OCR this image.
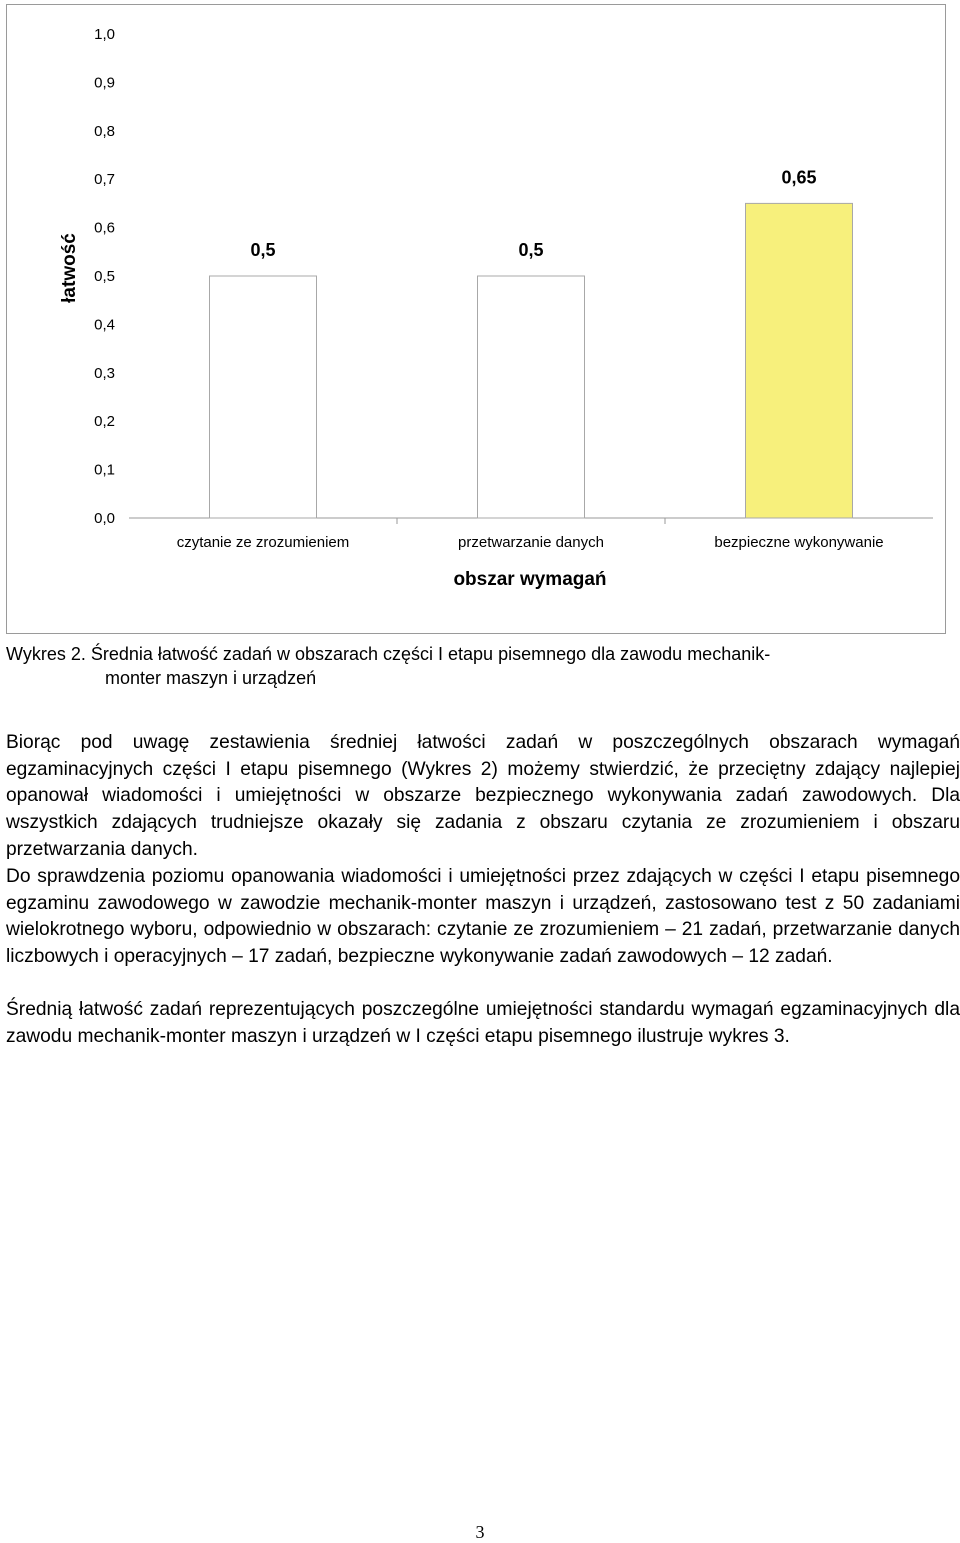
0,0
0,1
0,2
0,3
0,4
0,5
0,6
0,7
0,8
0,9
1,0
czytanie ze zrozumieniem
0,5
przetwarzanie danych
0,5
bezpieczne wykonywanie
0,65
łatwość
obszar wymagań
Wykres 2. Średnia łatwość zadań w obszarach części I etapu pisemnego dla zawodu mechanik-
monter maszyn i urządzeń

Biorąc pod uwagę zestawienia średniej łatwości zadań w poszczególnych obszarach wymagań egzaminacyjnych części I etapu pisemnego (Wykres 2) możemy stwierdzić, że przeciętny zdający najlepiej opanował wiadomości i umiejętności w obszarze bezpiecznego wykonywania zadań zawodowych. Dla wszystkich zdających trudniejsze okazały się zadania z obszaru czytania ze zrozumieniem i obszaru przetwarzania danych.

Do sprawdzenia poziomu opanowania wiadomości i umiejętności przez zdających w części I etapu pisemnego egzaminu zawodowego w zawodzie mechanik-monter maszyn i urządzeń, zastosowano test z 50 zadaniami wielokrotnego wyboru, odpowiednio w obszarach: czytanie ze zrozumieniem – 21 zadań, przetwarzanie danych liczbowych i operacyjnych – 17 zadań, bezpieczne wykonywanie zadań zawodowych – 12 zadań.

Średnią łatwość zadań reprezentujących poszczególne umiejętności standardu wymagań egzaminacyjnych dla zawodu mechanik-monter maszyn i urządzeń w I części etapu pisemnego ilustruje wykres 3.

3
